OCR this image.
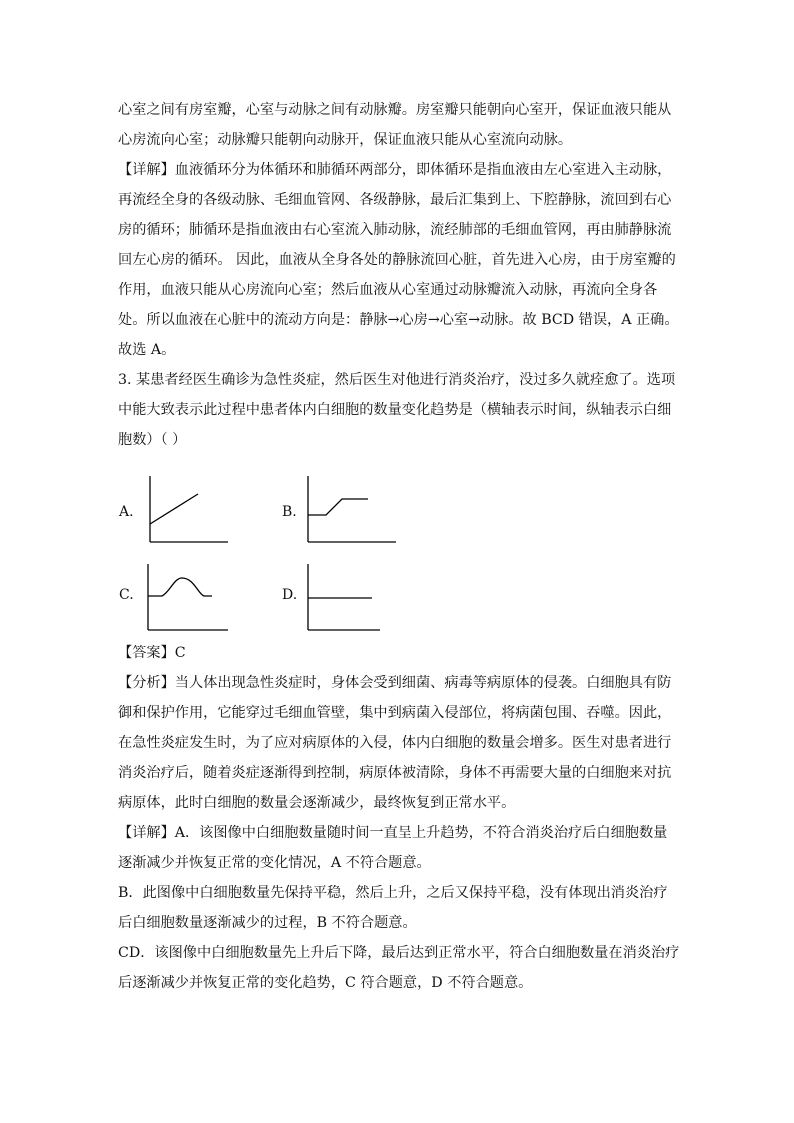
心室之间有房室瓣，心室与动脉之间有动脉瓣。房室瓣只能朝向心室开，保证血液只能从
心房流向心室；动脉瓣只能朝向动脉开，保证血液只能从心室流向动脉。
【详解】血液循环分为体循环和肺循环两部分，即体循环是指血液由左心室进入主动脉，
再流经全身的各级动脉、毛细血管网、各级静脉，最后汇集到上、下腔静脉，流回到右心
房的循环；肺循环是指血液由右心室流入肺动脉，流经肺部的毛细血管网，再由肺静脉流
回左心房的循环。 因此，血液从全身各处的静脉流回心脏，首先进入心房，由于房室瓣的
作用，血液只能从心房流向心室；然后血液从心室通过动脉瓣流入动脉，再流向全身各
处。所以血液在心脏中的流动方向是：静脉→心房→心室→动脉。故 BCD 错误，A 正确。
故选 A。
3. 某患者经医生确诊为急性炎症，然后医生对他进行消炎治疗，没过多久就痊愈了。选项
中能大致表示此过程中患者体内白细胞的数量变化趋势是（横轴表示时间，纵轴表示白细
胞数）（ ）
A.	B.
C.	D.
【答案】C
【分析】当人体出现急性炎症时，身体会受到细菌、病毒等病原体的侵袭。白细胞具有防
御和保护作用，它能穿过毛细血管壁，集中到病菌入侵部位，将病菌包围、吞噬。因此，
在急性炎症发生时，为了应对病原体的入侵，体内白细胞的数量会增多。医生对患者进行
消炎治疗后，随着炎症逐渐得到控制，病原体被清除，身体不再需要大量的白细胞来对抗
病原体，此时白细胞的数量会逐渐减少，最终恢复到正常水平。
【详解】A．该图像中白细胞数量随时间一直呈上升趋势，不符合消炎治疗后白细胞数量
逐渐减少并恢复正常的变化情况，A 不符合题意。
B．此图像中白细胞数量先保持平稳，然后上升，之后又保持平稳，没有体现出消炎治疗
后白细胞数量逐渐减少的过程，B 不符合题意。
CD．该图像中白细胞数量先上升后下降，最后达到正常水平，符合白细胞数量在消炎治疗
后逐渐减少并恢复正常的变化趋势，C 符合题意，D 不符合题意。
